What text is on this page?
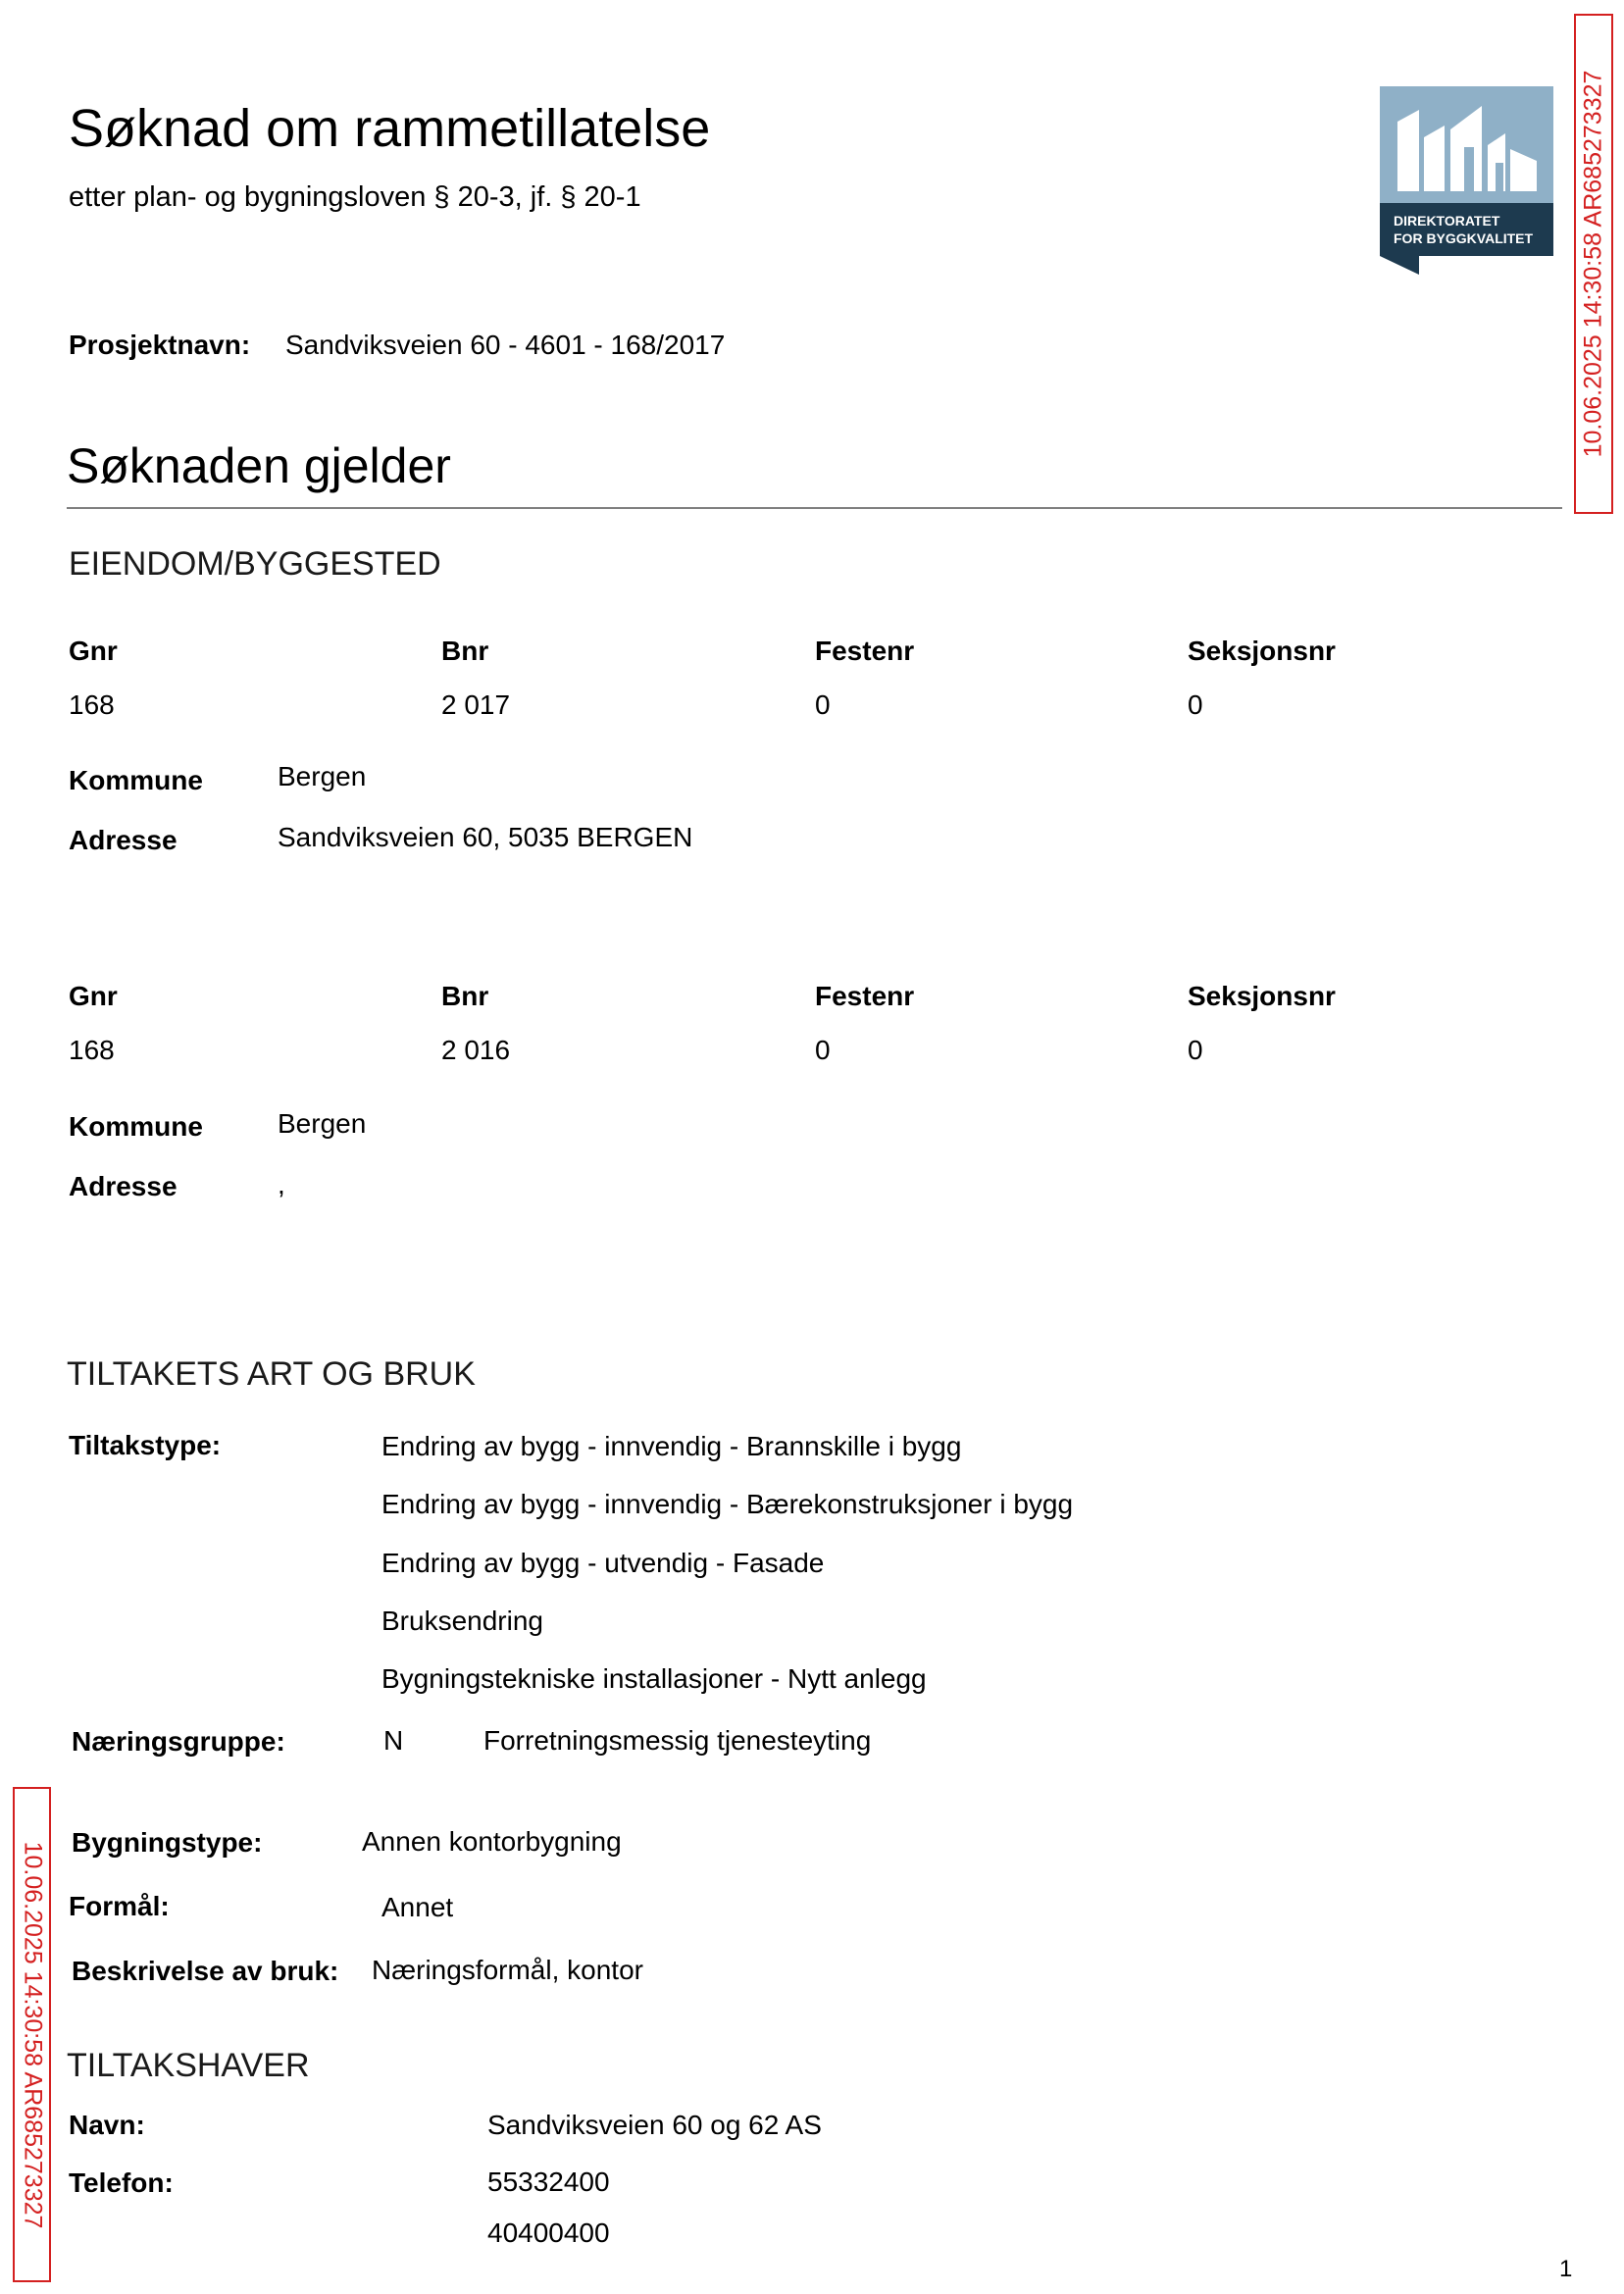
Søknad om rammetillatelse
etter plan- og bygningsloven § 20-3, jf. § 20-1
DIREKTORATET
FOR BYGGKVALITET 10.06.2025 14:30:58 AR685273327
10.06.2025 14:30:58 AR685273327
Prosjektnavn: Sandviksveien 60 - 4601 - 168/2017
Søknaden gjelder
EIENDOM/BYGGESTED
Gnr	Bnr	Festenr	Seksjonsnr
168	2 017	0	0
Kommune	Bergen
Adresse	Sandviksveien 60, 5035 BERGEN
Gnr	Bnr	Festenr	Seksjonsnr
168	2 016	0	0
Kommune	Bergen
Adresse	,
TILTAKETS ART OG BRUK
Tiltakstype:	Endring av bygg - innvendig - Brannskille i bygg
Endring av bygg - innvendig - Bærekonstruksjoner i bygg
Endring av bygg - utvendig - Fasade
Bruksendring
Bygningstekniske installasjoner - Nytt anlegg
Næringsgruppe:	N	Forretningsmessig tjenesteyting
Bygningstype:	Annen kontorbygning
Formål:	Annet
Beskrivelse av bruk: Næringsformål, kontor
TILTAKSHAVER
Navn:	Sandviksveien 60 og 62 AS
Telefon:	55332400
40400400
1
